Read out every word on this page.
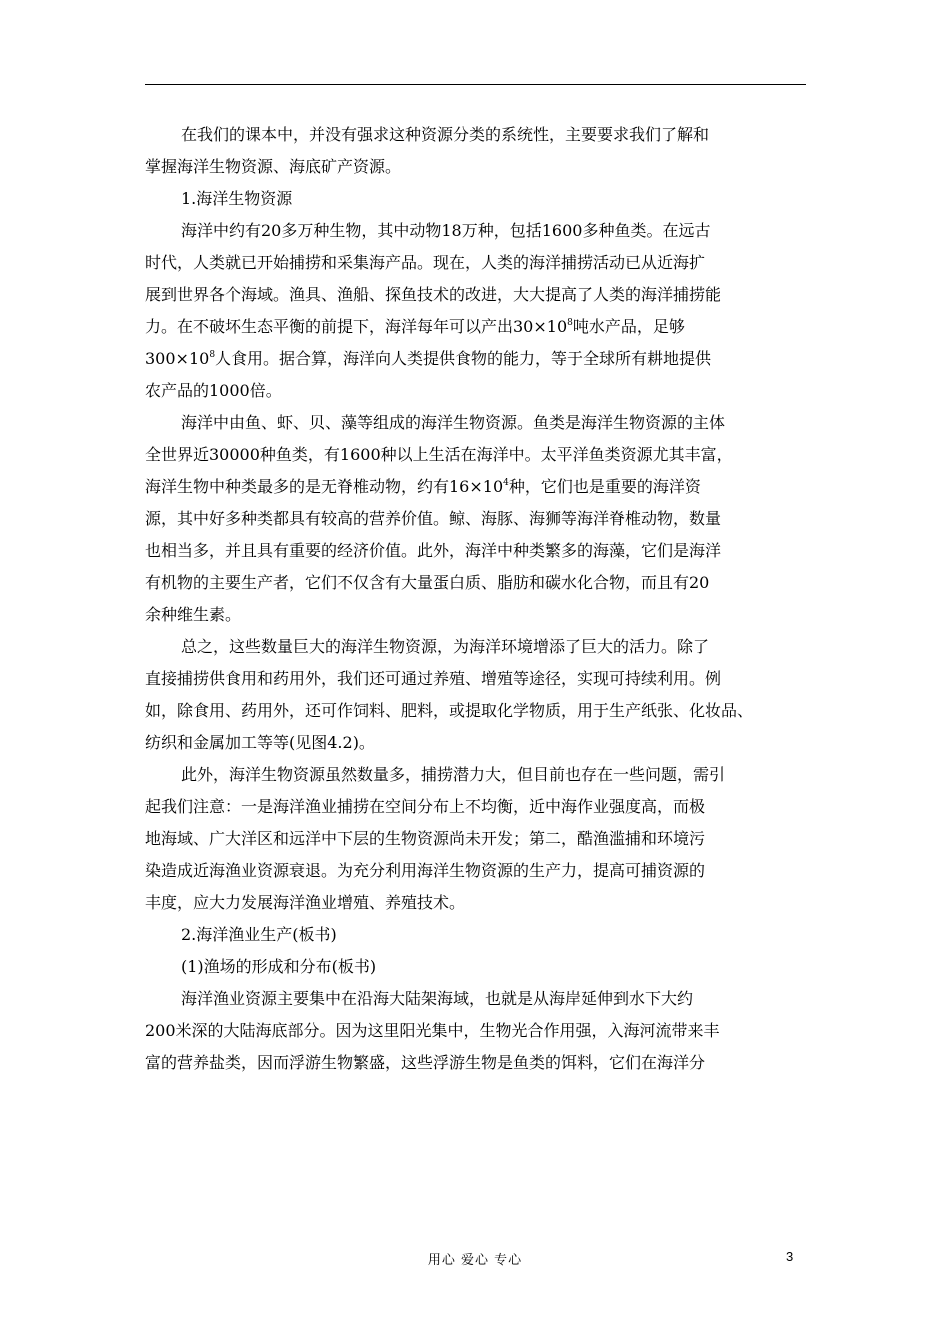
在我们的课本中，并没有强求这种资源分类的系统性，主要要求我们了解和
掌握海洋生物资源、海底矿产资源。
1.海洋生物资源
海洋中约有20多万种生物，其中动物18万种，包括1600多种鱼类。在远古
时代，人类就已开始捕捞和采集海产品。现在，人类的海洋捕捞活动已从近海扩
展到世界各个海域。渔具、渔船、探鱼技术的改进，大大提高了人类的海洋捕捞能
力。在不破坏生态平衡的前提下，海洋每年可以产出$30\times 10^8$吨水产品，足够
$300\times 10^8$人食用。据合算，海洋向人类提供食物的能力，等于全球所有耕地提供
农产品的1000倍。
海洋中由鱼、虾、贝、藻等组成的海洋生物资源。鱼类是海洋生物资源的主体
全世界近30000种鱼类，有1600种以上生活在海洋中。太平洋鱼类资源尤其丰富，
海洋生物中种类最多的是无脊椎动物，约有$16\times 10^4$种，它们也是重要的海洋资
源，其中好多种类都具有较高的营养价值。鲸、海豚、海狮等海洋脊椎动物，数量
也相当多，并且具有重要的经济价值。此外，海洋中种类繁多的海藻，它们是海洋
有机物的主要生产者，它们不仅含有大量蛋白质、脂肪和碳水化合物，而且有20
余种维生素。
总之，这些数量巨大的海洋生物资源，为海洋环境增添了巨大的活力。除了
直接捕捞供食用和药用外，我们还可通过养殖、增殖等途径，实现可持续利用。例
如，除食用、药用外，还可作饲料、肥料，或提取化学物质，用于生产纸张、化妆品、
纺织和金属加工等等(见图4.2)。
此外，海洋生物资源虽然数量多，捕捞潜力大，但目前也存在一些问题，需引
起我们注意：一是海洋渔业捕捞在空间分布上不均衡，近中海作业强度高，而极
地海域、广大洋区和远洋中下层的生物资源尚未开发；第二，酷渔滥捕和环境污
染造成近海渔业资源衰退。为充分利用海洋生物资源的生产力，提高可捕资源的
丰度，应大力发展海洋渔业增殖、养殖技术。
2.海洋渔业生产(板书)
(1)渔场的形成和分布(板书)
海洋渔业资源主要集中在沿海大陆架海域，也就是从海岸延伸到水下大约
200米深的大陆海底部分。因为这里阳光集中，生物光合作用强，入海河流带来丰
富的营养盐类，因而浮游生物繁盛，这些浮游生物是鱼类的饵料，它们在海洋分
用心 爱心 专心	3
